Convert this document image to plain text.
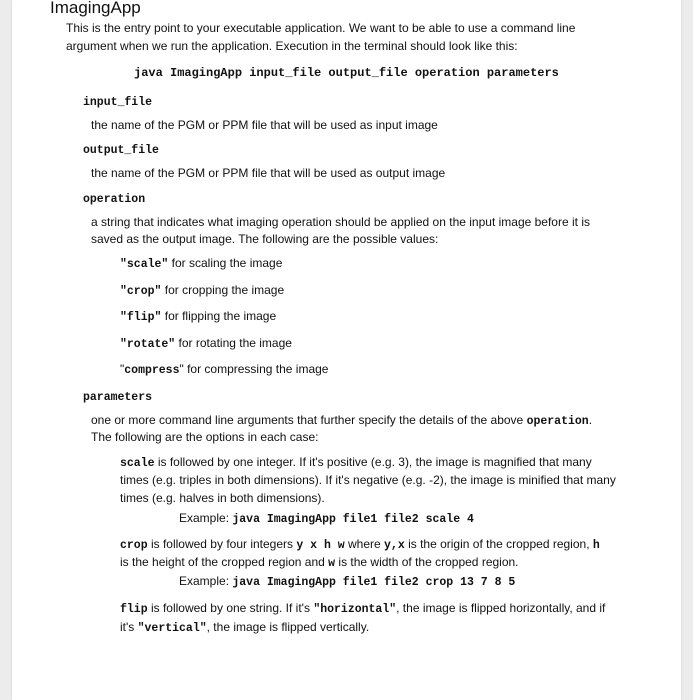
ImagingApp
This is the entry point to your executable application. We want to be able to use a command line
argument when we run the application. Execution in the terminal should look like this:
java ImagingApp input_file output_file operation parameters
input_file
the name of the PGM or PPM file that will be used as input image
output_file
the name of the PGM or PPM file that will be used as output image
operation
a string that indicates what imaging operation should be applied on the input image before it is
saved as the output image. The following are the possible values:
"scale" for scaling the image
"crop" for cropping the image
"flip" for flipping the image
"rotate" for rotating the image
"compress" for compressing the image
parameters
one or more command line arguments that further specify the details of the above operation.
The following are the options in each case:
scale is followed by one integer. If it's positive (e.g. 3), the image is magnified that many
times (e.g. triples in both dimensions). If it's negative (e.g. -2), the image is minified that many
times (e.g. halves in both dimensions).
Example: java ImagingApp file1 file2 scale 4
crop is followed by four integers y x h w where y,x is the origin of the cropped region, h
is the height of the cropped region and w is the width of the cropped region.
Example: java ImagingApp file1 file2 crop 13 7 8 5
flip is followed by one string. If it's "horizontal", the image is flipped horizontally, and if
it's "vertical", the image is flipped vertically.
